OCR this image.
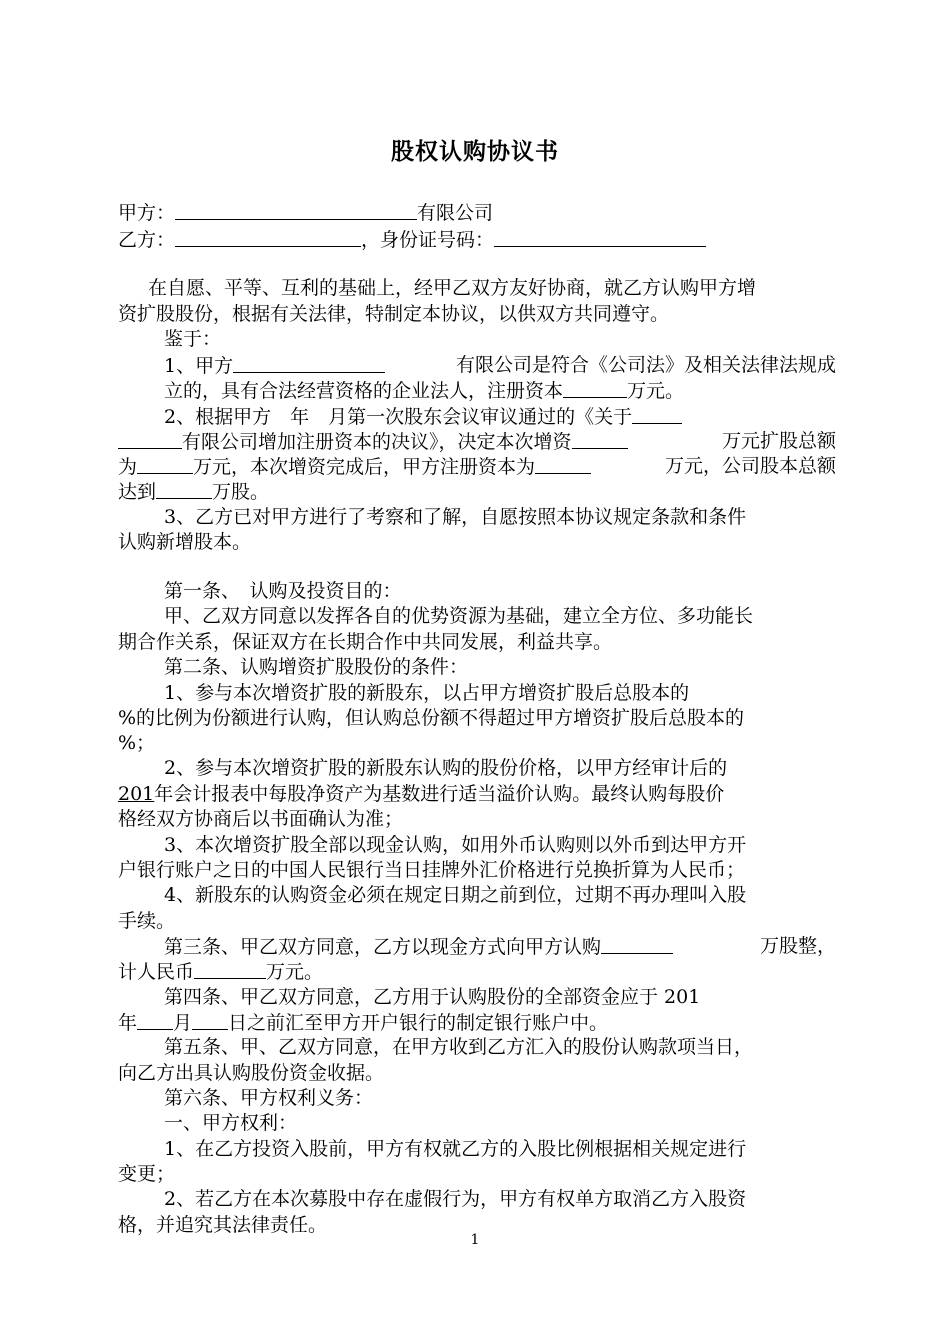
股权认购协议书
甲方：	有限公司
乙方：	，身份证号码：
在自愿、平等、互利的基础上，经甲乙双方友好协商，就乙方认购甲方增
资扩股股份，根据有关法律，特制定本协议，以供双方共同遵守。
鉴于：
1、甲方	有限公司是符合《公司法》及相关法律法规成
立的，具有合法经营资格的企业法人，注册资本	万元。
2、根据甲方　年　月第一次股东会议审议通过的《关于
有限公司增加注册资本的决议》，决定本次增资	万元扩股总额
为	万元，本次增资完成后，甲方注册资本为	万元，公司股本总额
达到	万股。
3、乙方已对甲方进行了考察和了解，自愿按照本协议规定条款和条件
认购新增股本。
第一条、　认购及投资目的：
甲、乙双方同意以发挥各自的优势资源为基础，建立全方位、多功能长
期合作关系，保证双方在长期合作中共同发展，利益共享。
第二条、认购增资扩股股份的条件：
1、参与本次增资扩股的新股东，以占甲方增资扩股后总股本的
%的比例为份额进行认购，但认购总份额不得超过甲方增资扩股后总股本的
%；
2、参与本次增资扩股的新股东认购的股份价格，以甲方经审计后的
201年会计报表中每股净资产为基数进行适当溢价认购。最终认购每股价
格经双方协商后以书面确认为准；
3、本次增资扩股全部以现金认购，如用外币认购则以外币到达甲方开
户银行账户之日的中国人民银行当日挂牌外汇价格进行兑换折算为人民币；
4、新股东的认购资金必须在规定日期之前到位，过期不再办理叫入股
手续。
第三条、甲乙双方同意，乙方以现金方式向甲方认购	万股整，
计人民币	万元。
第四条、甲乙双方同意，乙方用于认购股份的全部资金应于 201
年 月 日之前汇至甲方开户银行的制定银行账户中。
第五条、甲、乙双方同意，在甲方收到乙方汇入的股份认购款项当日，
向乙方出具认购股份资金收据。
第六条、甲方权利义务：
一、甲方权利：
1、在乙方投资入股前，甲方有权就乙方的入股比例根据相关规定进行
变更；
2、若乙方在本次募股中存在虚假行为，甲方有权单方取消乙方入股资
格，并追究其法律责任。
1
